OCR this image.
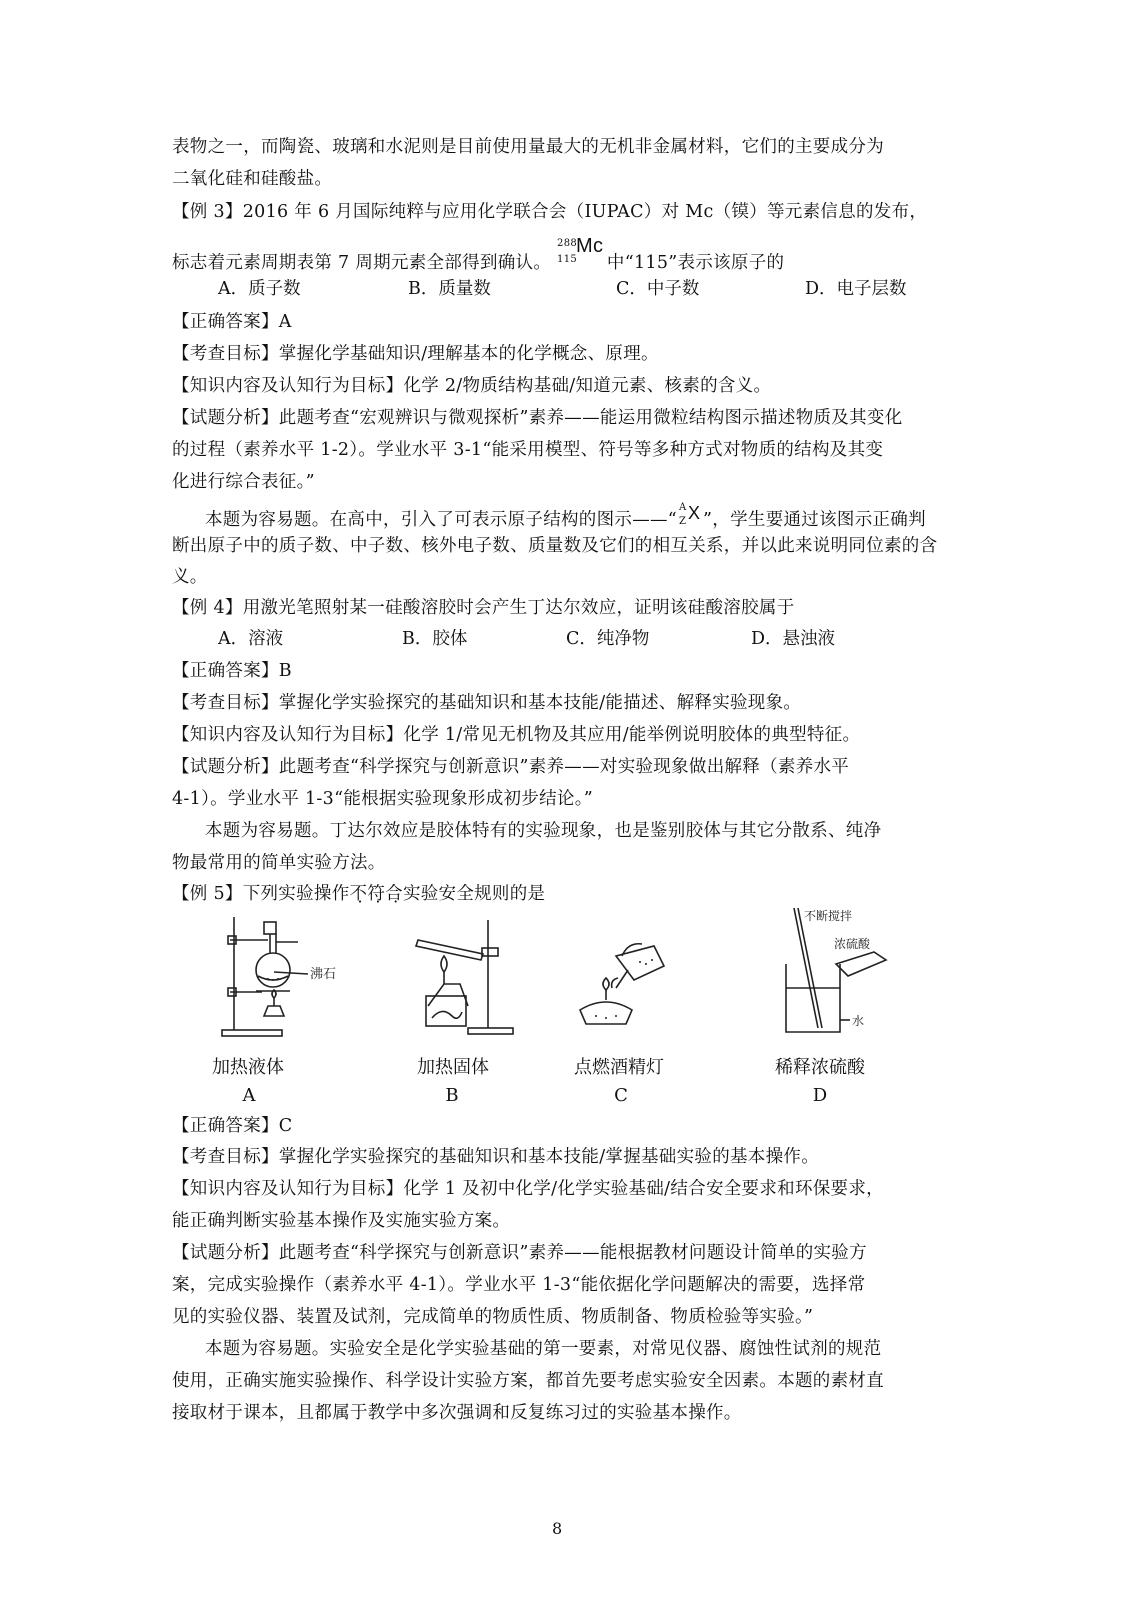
表物之一，而陶瓷、玻璃和水泥则是目前使用量最大的无机非金属材料，它们的主要成分为
二氧化硅和硅酸盐。
【例 3】2016 年 6 月国际纯粹与应用化学联合会（IUPAC）对 Mc（镆）等元素信息的发布，
标志着元素周期表第 7 周期元素全部得到确认。
288
115
Mc
中“115”表示该原子的
A．质子数	B．质量数	C．中子数	D．电子层数
【正确答案】A
【考查目标】掌握化学基础知识/理解基本的化学概念、原理。
【知识内容及认知行为目标】化学 2/物质结构基础/知道元素、核素的含义。
【试题分析】此题考查“宏观辨识与微观探析”素养——能运用微粒结构图示描述物质及其变化
的过程（素养水平 1-2）。学业水平 3-1“能采用模型、符号等多种方式对物质的结构及其变
化进行综合表征。”
本题为容易题。在高中，引入了可表示原子结构的图示——“
A
Z X ”，学生要通过该图示正确判
断出原子中的质子数、中子数、核外电子数、质量数及它们的相互关系，并以此来说明同位素的含
义。
【例 4】用激光笔照射某一硅酸溶胶时会产生丁达尔效应，证明该硅酸溶胶属于
A．溶液	B．胶体	C．纯净物	D．悬浊液
【正确答案】B
【考查目标】掌握化学实验探究的基础知识和基本技能/能描述、解释实验现象。
【知识内容及认知行为目标】化学 1/常见无机物及其应用/能举例说明胶体的典型特征。
【试题分析】此题考查“科学探究与创新意识”素养——对实验现象做出解释（素养水平
4-1）。学业水平 1-3“能根据实验现象形成初步结论。”
本题为容易题。丁达尔效应是胶体特有的实验现象，也是鉴别胶体与其它分散系、纯净
物最常用的简单实验方法。
【例 5】下列实验操作不符合实验安全规则的是
沸石
不断搅拌
浓硫酸
水
加热液体	加热固体	点燃酒精灯	稀释浓硫酸
A	B	C	D
【正确答案】C
【考查目标】掌握化学实验探究的基础知识和基本技能/掌握基础实验的基本操作。
【知识内容及认知行为目标】化学 1 及初中化学/化学实验基础/结合安全要求和环保要求，
能正确判断实验基本操作及实施实验方案。
【试题分析】此题考查“科学探究与创新意识”素养——能根据教材问题设计简单的实验方
案，完成实验操作（素养水平 4-1）。学业水平 1-3“能依据化学问题解决的需要，选择常
见的实验仪器、装置及试剂，完成简单的物质性质、物质制备、物质检验等实验。”
本题为容易题。实验安全是化学实验基础的第一要素，对常见仪器、腐蚀性试剂的规范
使用，正确实施实验操作、科学设计实验方案，都首先要考虑实验安全因素。本题的素材直
接取材于课本，且都属于教学中多次强调和反复练习过的实验基本操作。
8
